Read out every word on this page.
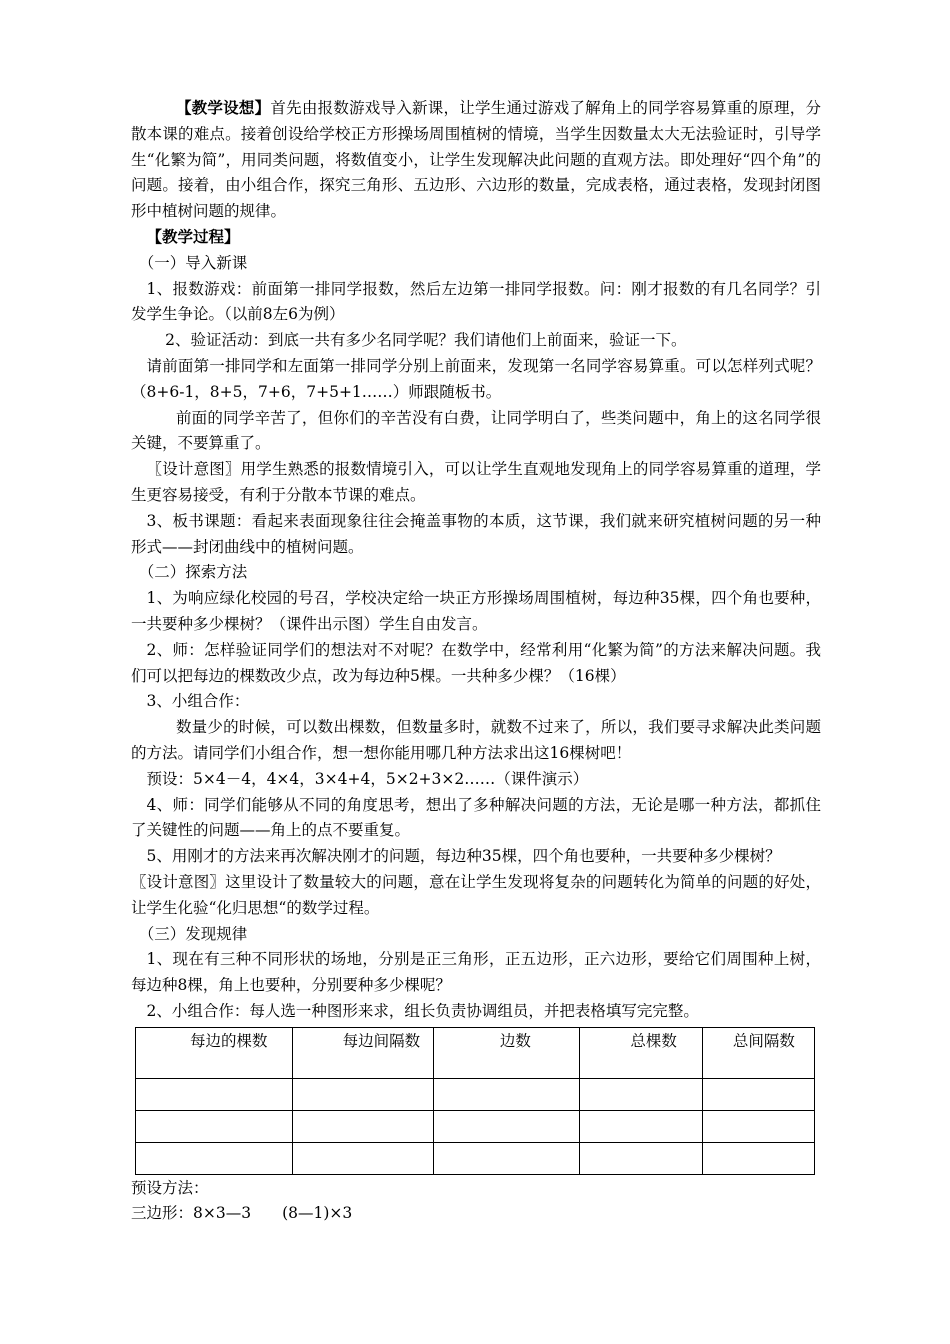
【教学设想】首先由报数游戏导入新课，让学生通过游戏了解角上的同学容易算重的原理，分散本课的难点。接着创设给学校正方形操场周围植树的情境，当学生因数量太大无法验证时，引导学生“化繁为简”，用同类问题，将数值变小，让学生发现解决此问题的直观方法。即处理好“四个角”的问题。接着，由小组合作，探究三角形、五边形、六边形的数量，完成表格，通过表格，发现封闭图形中植树问题的规律。

【教学过程】

（一）导入新课

1、报数游戏：前面第一排同学报数，然后左边第一排同学报数。问：刚才报数的有几名同学？引发学生争论。（以前8左6为例）

2、验证活动：到底一共有多少名同学呢？我们请他们上前面来，验证一下。

请前面第一排同学和左面第一排同学分别上前面来，发现第一名同学容易算重。可以怎样列式呢？（8+6-1，8+5，7+6，7+5+1……）师跟随板书。

前面的同学辛苦了，但你们的辛苦没有白费，让同学明白了，些类问题中，角上的这名同学很关键，不要算重了。

〖设计意图〗用学生熟悉的报数情境引入，可以让学生直观地发现角上的同学容易算重的道理，学生更容易接受，有利于分散本节课的难点。

3、板书课题：看起来表面现象往往会掩盖事物的本质，这节课，我们就来研究植树问题的另一种形式——封闭曲线中的植树问题。

（二）探索方法

1、为响应绿化校园的号召，学校决定给一块正方形操场周围植树，每边种35棵，四个角也要种，一共要种多少棵树？（课件出示图）学生自由发言。

2、师：怎样验证同学们的想法对不对呢？在数学中，经常利用“化繁为简”的方法来解决问题。我们可以把每边的棵数改少点，改为每边种5棵。一共种多少棵？（16棵）

3、小组合作：

数量少的时候，可以数出棵数，但数量多时，就数不过来了，所以，我们要寻求解决此类问题的方法。请同学们小组合作，想一想你能用哪几种方法求出这16棵树吧！

预设：5×4－4，4×4，3×4+4，5×2+3×2……（课件演示）

4、师：同学们能够从不同的角度思考，想出了多种解决问题的方法，无论是哪一种方法，都抓住了关键性的问题——角上的点不要重复。

5、用刚才的方法来再次解决刚才的问题，每边种35棵，四个角也要种，一共要种多少棵树？

〖设计意图〗这里设计了数量较大的问题，意在让学生发现将复杂的问题转化为简单的问题的好处，让学生化验“化归思想“的数学过程。

（三）发现规律

1、现在有三种不同形状的场地，分别是正三角形，正五边形，正六边形，要给它们周围种上树，每边种8棵，角上也要种，分别要种多少棵呢？

2、小组合作：每人选一种图形来求，组长负责协调组员，并把表格填写完完整。

每边的棵数	每边间隔数	边数	总棵数	总间隔数

预设方法：

三边形：8×3—3　　(8—1)×3
